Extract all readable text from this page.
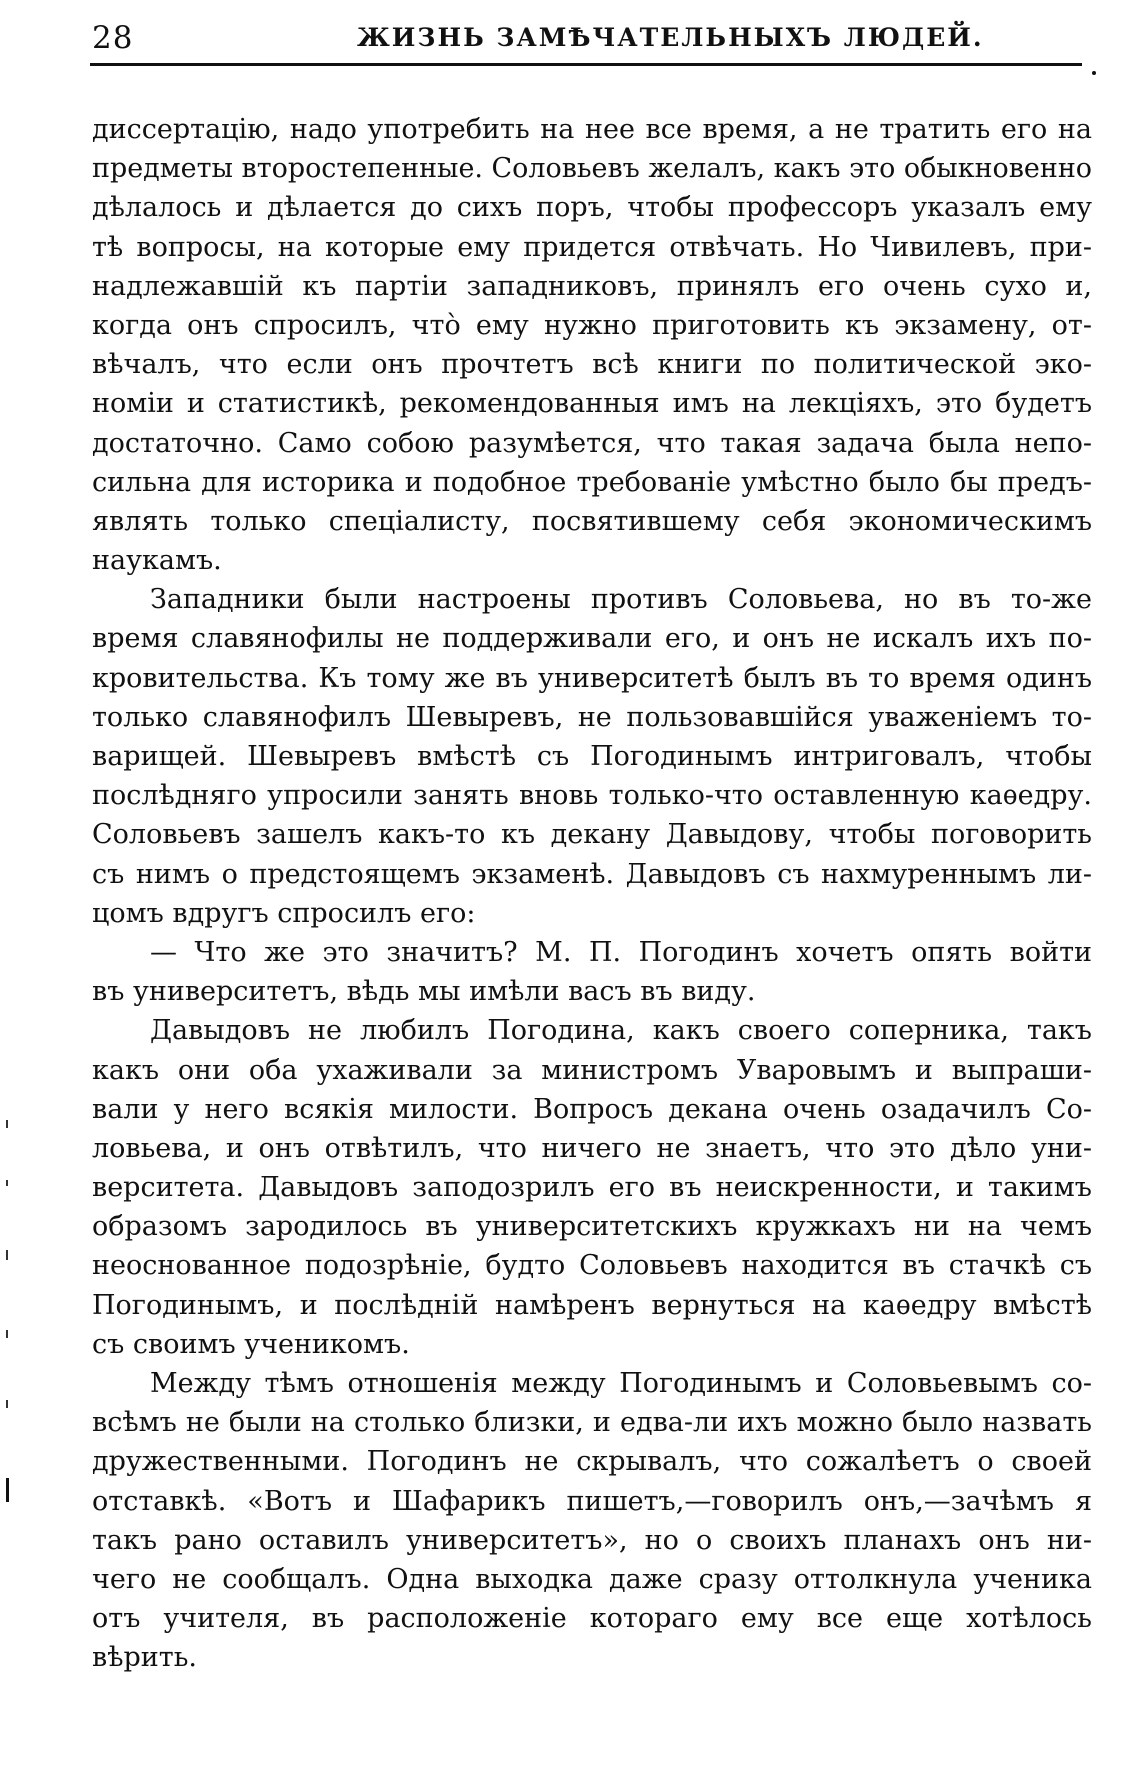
28	ЖИЗНЬ ЗАМѢЧАТЕЛЬНЫХЪ ЛЮДЕЙ.
диссертацію, надо употребить на нее все время, а не тратить его на
предметы второстепенные. Соловьевъ желалъ, какъ это обыкновенно
дѣлалось и дѣлается до сихъ поръ, чтобы профессоръ указалъ ему
тѣ вопросы, на которые ему придется отвѣчать. Но Чивилевъ, при-
надлежавшій къ партіи западниковъ, принялъ его очень сухо и,
когда онъ спросилъ, что̀ ему нужно приготовить къ экзамену, от-
вѣчалъ, что если онъ прочтетъ всѣ книги по политической эко-
номіи и статистикѣ, рекомендованныя имъ на лекціяхъ, это будетъ
достаточно. Само собою разумѣется, что такая задача была непо-
сильна для историка и подобное требованіе умѣстно было бы предъ-
являть только спеціалисту, посвятившему себя экономическимъ
наукамъ.
Западники были настроены противъ Соловьева, но въ то-же
время славянофилы не поддерживали его, и онъ не искалъ ихъ по-
кровительства. Къ тому же въ университетѣ былъ въ то время одинъ
только славянофилъ Шевыревъ, не пользовавшійся уваженіемъ то-
варищей. Шевыревъ вмѣстѣ съ Погодинымъ интриговалъ, чтобы
послѣдняго упросили занять вновь только-что оставленную каѳедру.
Соловьевъ зашелъ какъ-то къ декану Давыдову, чтобы поговорить
съ нимъ о предстоящемъ экзаменѣ. Давыдовъ съ нахмуреннымъ ли-
цомъ вдругъ спросилъ его:
— Что же это значитъ? М. П. Погодинъ хочетъ опять войти
въ университетъ, вѣдь мы имѣли васъ въ виду.
Давыдовъ не любилъ Погодина, какъ своего соперника, такъ
какъ они оба ухаживали за министромъ Уваровымъ и выпраши-
вали у него всякія милости. Вопросъ декана очень озадачилъ Со-
ловьева, и онъ отвѣтилъ, что ничего не знаетъ, что это дѣло уни-
верситета. Давыдовъ заподозрилъ его въ неискренности, и такимъ
образомъ зародилось въ университетскихъ кружкахъ ни на чемъ
неоснованное подозрѣніе, будто Соловьевъ находится въ стачкѣ съ
Погодинымъ, и послѣдній намѣренъ вернуться на каѳедру вмѣстѣ
съ своимъ ученикомъ.
Между тѣмъ отношенія между Погодинымъ и Соловьевымъ со-
всѣмъ не были на столько близки, и едва-ли ихъ можно было назвать
дружественными. Погодинъ не скрывалъ, что сожалѣетъ о своей
отставкѣ. «Вотъ и Шафарикъ пишетъ,—говорилъ онъ,—зачѣмъ я
такъ рано оставилъ университетъ», но о своихъ планахъ онъ ни-
чего не сообщалъ. Одна выходка даже сразу оттолкнула ученика
отъ учителя, въ расположеніе котораго ему все еще хотѣлось
вѣрить.
